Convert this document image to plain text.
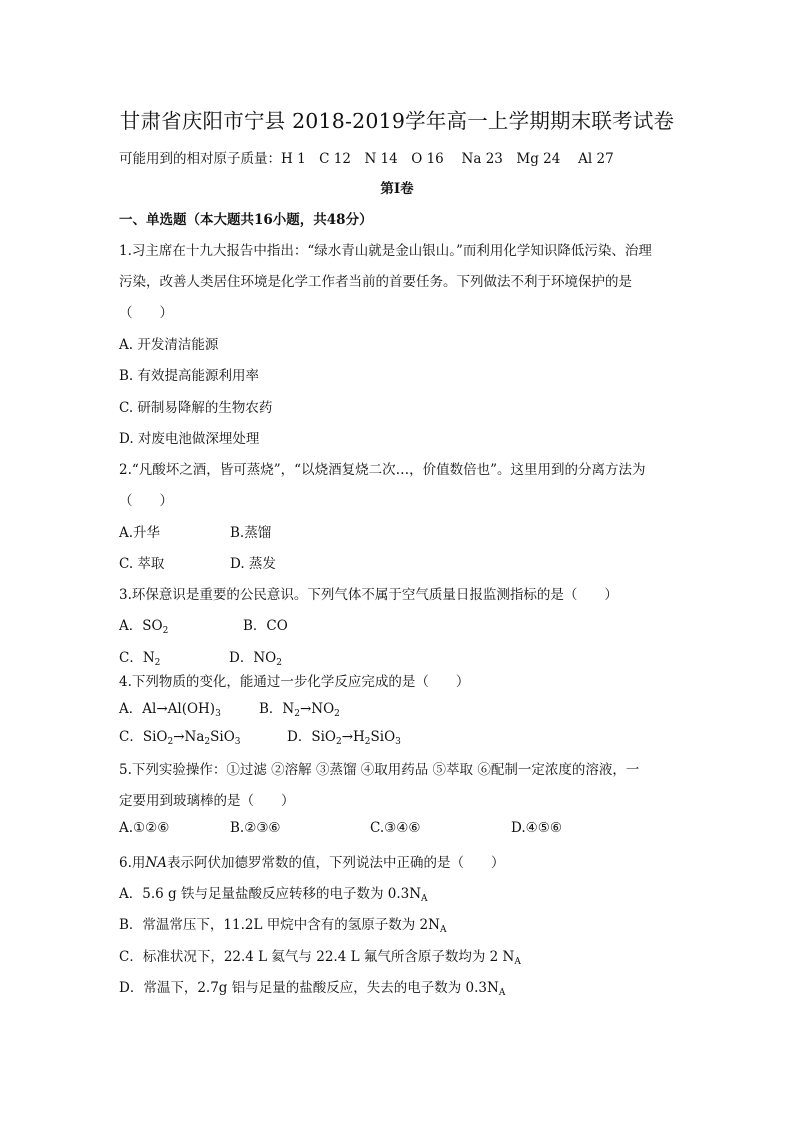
甘肃省庆阳市宁县 2018-2019学年高一上学期期末联考试卷
可能用到的相对原子质量：H 1　C 12　N 14　O 16　 Na 23　Mg 24　 Al 27
第Ⅰ卷
一、单选题（本大题共16小题，共48分）
1.习主席在十九大报告中指出：“绿水青山就是金山银山。”而利用化学知识降低污染、治理
污染，改善人类居住环境是化学工作者当前的首要任务。下列做法不利于环境保护的是
（　　）
A. 开发清洁能源
B. 有效提高能源利用率
C. 研制易降解的生物农药
D. 对废电池做深埋处理
2.“凡酸坏之酒，皆可蒸烧”，“以烧酒复烧二次…，价值数倍也”。这里用到的分离方法为
（　　）
A.升华	B.蒸馏
C. 萃取	D. 蒸发
3.环保意识是重要的公民意识。下列气体不属于空气质量日报监测指标的是（　　）
A．$SO_2$	B．CO
C．$N_2$	D．$NO_2$
4.下列物质的变化，能通过一步化学反应完成的是（　　）
A．$Al\to Al(OH)_3$	B．$N_2\to NO_2$
C．$SiO_2\to Na_2SiO_3$	D．$SiO_2\to H_2SiO_3$
5.下列实验操作：①过滤 ②溶解 ③蒸馏 ④取用药品 ⑤萃取 ⑥配制一定浓度的溶液，一
定要用到玻璃棒的是（　　）
A.①②⑥	B.②③⑥	C.③④⑥	D.④⑤⑥
6.用NA表示阿伏加德罗常数的值，下列说法中正确的是（　　）
A．5.6 g 铁与足量盐酸反应转移的电子数为 $0.3N_A$
B．常温常压下，11.2L 甲烷中含有的氢原子数为 $2N_A$
C．标准状况下，22.4 L 氦气与 22.4 L 氟气所含原子数均为 2 $N_A$
D．常温下，2.7g 铝与足量的盐酸反应，失去的电子数为 $0.3N_A$
